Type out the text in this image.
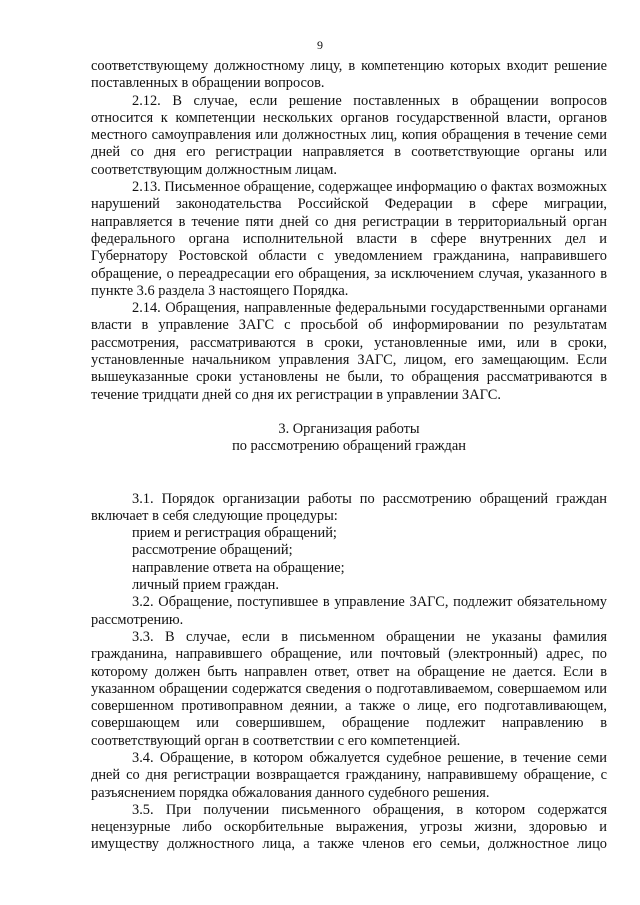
9

соответствующему должностному лицу, в компетенцию которых входит решение поставленных в обращении вопросов.

2.12. В случае, если решение поставленных в обращении вопросов относится к компетенции нескольких органов государственной власти, органов местного самоуправления или должностных лиц, копия обращения в течение семи дней со дня его регистрации направляется в соответствующие органы или соответствующим должностным лицам.

2.13. Письменное обращение, содержащее информацию о фактах возможных нарушений законодательства Российской Федерации в сфере миграции, направляется в течение пяти дней со дня регистрации в территориальный орган федерального органа исполнительной власти в сфере внутренних дел и Губернатору Ростовской области с уведомлением гражданина, направившего обращение, о переадресации его обращения, за исключением случая, указанного в пункте 3.6 раздела 3 настоящего Порядка.

2.14. Обращения, направленные федеральными государственными органами власти в управление ЗАГС с просьбой об информировании по результатам рассмотрения, рассматриваются в сроки, установленные ими, или в сроки, установленные начальником управления ЗАГС, лицом, его замещающим. Если вышеуказанные сроки установлены не были, то обращения рассматриваются в течение тридцати дней со дня их регистрации в управлении ЗАГС.

3. Организация работы

по рассмотрению обращений граждан

3.1. Порядок организации работы по рассмотрению обращений граждан включает в себя следующие процедуры:

прием и регистрация обращений;

рассмотрение обращений;

направление ответа на обращение;

личный прием граждан.

3.2. Обращение, поступившее в управление ЗАГС, подлежит обязательному рассмотрению.

3.3. В случае, если в письменном обращении не указаны фамилия гражданина, направившего обращение, или почтовый (электронный) адрес, по которому должен быть направлен ответ, ответ на обращение не дается. Если в указанном обращении содержатся сведения о подготавливаемом, совершаемом или совершенном противоправном деянии, а также о лице, его подготавливающем, совершающем или совершившем, обращение подлежит направлению в соответствующий орган в соответствии с его компетенцией.

3.4. Обращение, в котором обжалуется судебное решение, в течение семи дней со дня регистрации возвращается гражданину, направившему обращение, с разъяснением порядка обжалования данного судебного решения.

3.5. При получении письменного обращения, в котором содержатся нецензурные либо оскорбительные выражения, угрозы жизни, здоровью и имуществу должностного лица, а также членов его семьи, должностное лицо
